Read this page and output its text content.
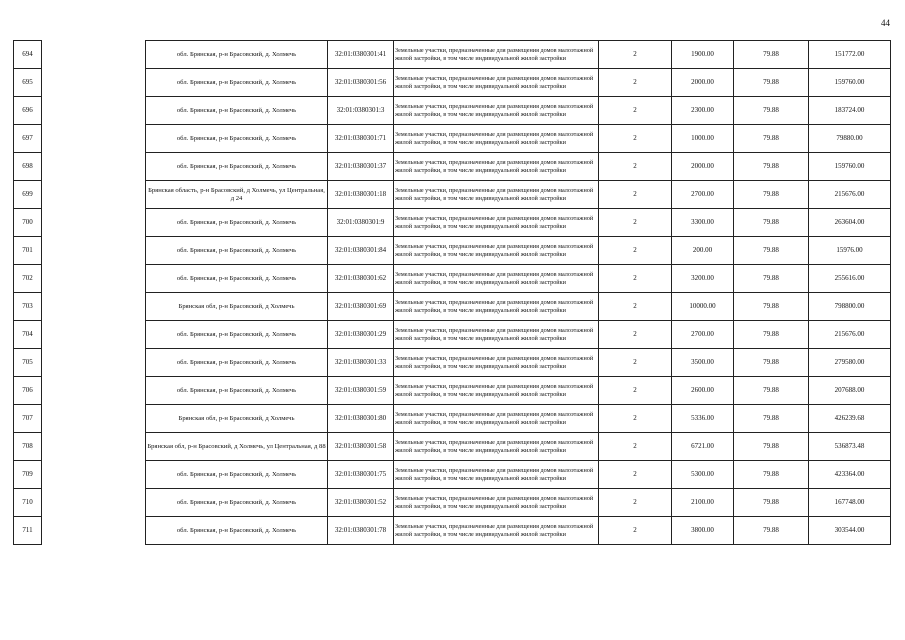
44
694		обл. Брянская, р-н Брасовский, д. Холмечь	32:01:0380301:41	Земельные участки, предназначенные для размещения домов малоэтажной жилой застройки, в том числе индивидуальной жилой застройки	2	1900.00	79.88	151772.00
695		обл. Брянская, р-н Брасовский, д. Холмечь	32:01:0380301:56	Земельные участки, предназначенные для размещения домов малоэтажной жилой застройки, в том числе индивидуальной жилой застройки	2	2000.00	79.88	159760.00
696		обл. Брянская, р-н Брасовский, д. Холмечь	32:01:0380301:3	Земельные участки, предназначенные для размещения домов малоэтажной жилой застройки, в том числе индивидуальной жилой застройки	2	2300.00	79.88	183724.00
697		обл. Брянская, р-н Брасовский, д. Холмечь	32:01:0380301:71	Земельные участки, предназначенные для размещения домов малоэтажной жилой застройки, в том числе индивидуальной жилой застройки	2	1000.00	79.88	79880.00
698		обл. Брянская, р-н Брасовский, д. Холмечь	32:01:0380301:37	Земельные участки, предназначенные для размещения домов малоэтажной жилой застройки, в том числе индивидуальной жилой застройки	2	2000.00	79.88	159760.00
699		Брянская область, р-н Брасовский, д Холмечь, ул Центральная, д 24	32:01:0380301:18	Земельные участки, предназначенные для размещения домов малоэтажной жилой застройки, в том числе индивидуальной жилой застройки	2	2700.00	79.88	215676.00
700		обл. Брянская, р-н Брасовский, д. Холмечь	32:01:0380301:9	Земельные участки, предназначенные для размещения домов малоэтажной жилой застройки, в том числе индивидуальной жилой застройки	2	3300.00	79.88	263604.00
701		обл. Брянская, р-н Брасовский, д. Холмечь	32:01:0380301:84	Земельные участки, предназначенные для размещения домов малоэтажной жилой застройки, в том числе индивидуальной жилой застройки	2	200.00	79.88	15976.00
702		обл. Брянская, р-н Брасовский, д. Холмечь	32:01:0380301:62	Земельные участки, предназначенные для размещения домов малоэтажной жилой застройки, в том числе индивидуальной жилой застройки	2	3200.00	79.88	255616.00
703		Брянская обл, р-н Брасовский, д Холмечь	32:01:0380301:69	Земельные участки, предназначенные для размещения домов малоэтажной жилой застройки, в том числе индивидуальной жилой застройки	2	10000.00	79.88	798800.00
704		обл. Брянская, р-н Брасовский, д. Холмечь	32:01:0380301:29	Земельные участки, предназначенные для размещения домов малоэтажной жилой застройки, в том числе индивидуальной жилой застройки	2	2700.00	79.88	215676.00
705		обл. Брянская, р-н Брасовский, д. Холмечь	32:01:0380301:33	Земельные участки, предназначенные для размещения домов малоэтажной жилой застройки, в том числе индивидуальной жилой застройки	2	3500.00	79.88	279580.00
706		обл. Брянская, р-н Брасовский, д. Холмечь	32:01:0380301:59	Земельные участки, предназначенные для размещения домов малоэтажной жилой застройки, в том числе индивидуальной жилой застройки	2	2600.00	79.88	207688.00
707		Брянская обл, р-н Брасовский, д Холмечь	32:01:0380301:80	Земельные участки, предназначенные для размещения домов малоэтажной жилой застройки, в том числе индивидуальной жилой застройки	2	5336.00	79.88	426239.68
708		Брянская обл, р-н Брасовский, д Холмечь, ул Центральная, д 88	32:01:0380301:58	Земельные участки, предназначенные для размещения домов малоэтажной жилой застройки, в том числе индивидуальной жилой застройки	2	6721.00	79.88	536873.48
709		обл. Брянская, р-н Брасовский, д. Холмечь	32:01:0380301:75	Земельные участки, предназначенные для размещения домов малоэтажной жилой застройки, в том числе индивидуальной жилой застройки	2	5300.00	79.88	423364.00
710		обл. Брянская, р-н Брасовский, д. Холмечь	32:01:0380301:52	Земельные участки, предназначенные для размещения домов малоэтажной жилой застройки, в том числе индивидуальной жилой застройки	2	2100.00	79.88	167748.00
711		обл. Брянская, р-н Брасовский, д. Холмечь	32:01:0380301:78	Земельные участки, предназначенные для размещения домов малоэтажной жилой застройки, в том числе индивидуальной жилой застройки	2	3800.00	79.88	303544.00
